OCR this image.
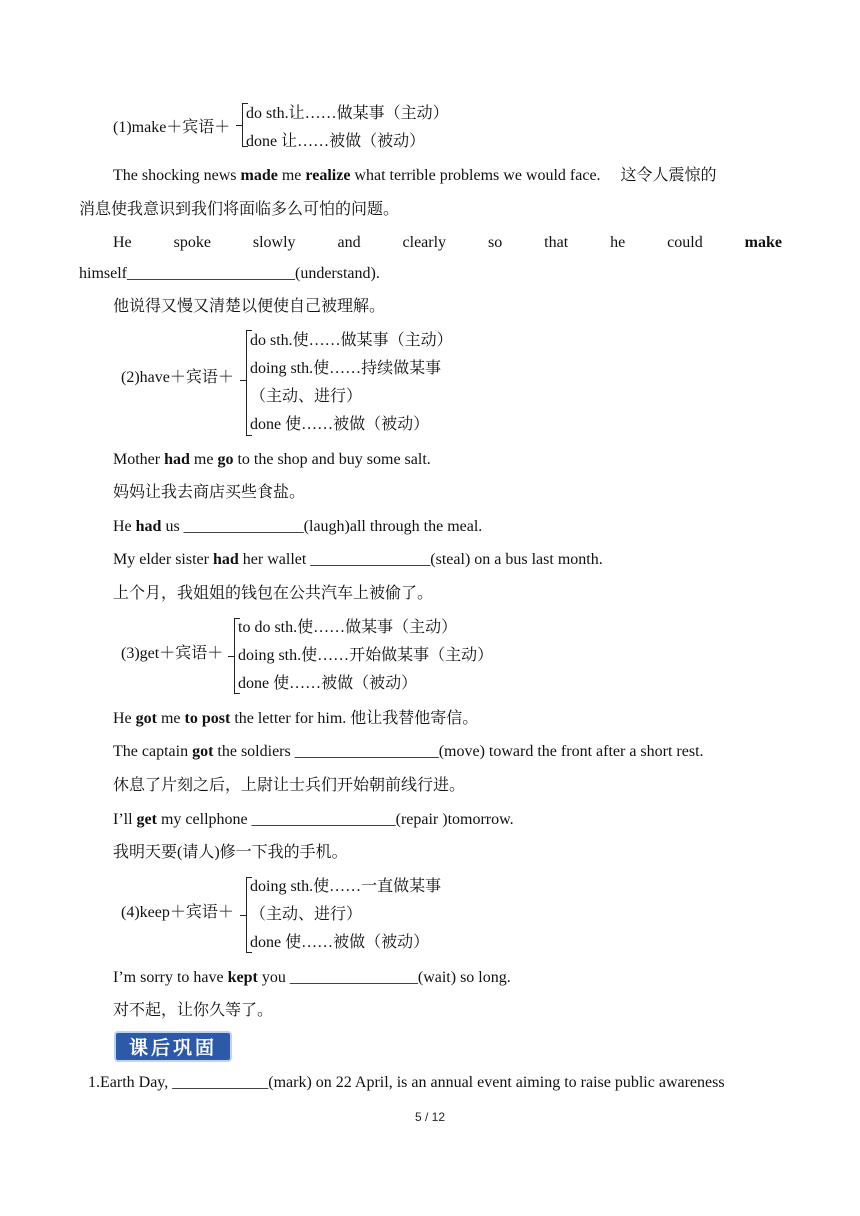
(1)make＋宾语＋
do sth.让……做某事（主动）
done 让……被做（被动）
The shocking news made me realize what terrible problems we would face.　 这令人震惊的
消息使我意识到我们将面临多么可怕的问题。
He	spoke	slowly	and	clearly	so	that	he	could	make
himself_____________________(understand).
他说得又慢又清楚以便使自己被理解。
(2)have＋宾语＋
do sth.使……做某事（主动）
doing sth.使……持续做某事
（主动、进行）
done 使……被做（被动）
Mother had me go to the shop and buy some salt.
妈妈让我去商店买些食盐。
He had us _______________(laugh)all through the meal.
My elder sister had her wallet _______________(steal) on a bus last month.
上个月，我姐姐的钱包在公共汽车上被偷了。
(3)get＋宾语＋
to do sth.使……做某事（主动）
doing sth.使……开始做某事（主动）
done 使……被做（被动）
He got me to post the letter for him. 他让我替他寄信。
The captain got the soldiers __________________(move) toward the front after a short rest.
休息了片刻之后，上尉让士兵们开始朝前线行进。
I’ll get my cellphone __________________(repair )tomorrow.
我明天要(请人)修一下我的手机。
(4)keep＋宾语＋
doing sth.使……一直做某事
（主动、进行）
done 使……被做（被动）
I’m sorry to have kept you ________________(wait) so long.
对不起，让你久等了。
课后巩固
1.Earth Day, ____________(mark) on 22 April, is an annual event aiming to raise public awareness
5 / 12
